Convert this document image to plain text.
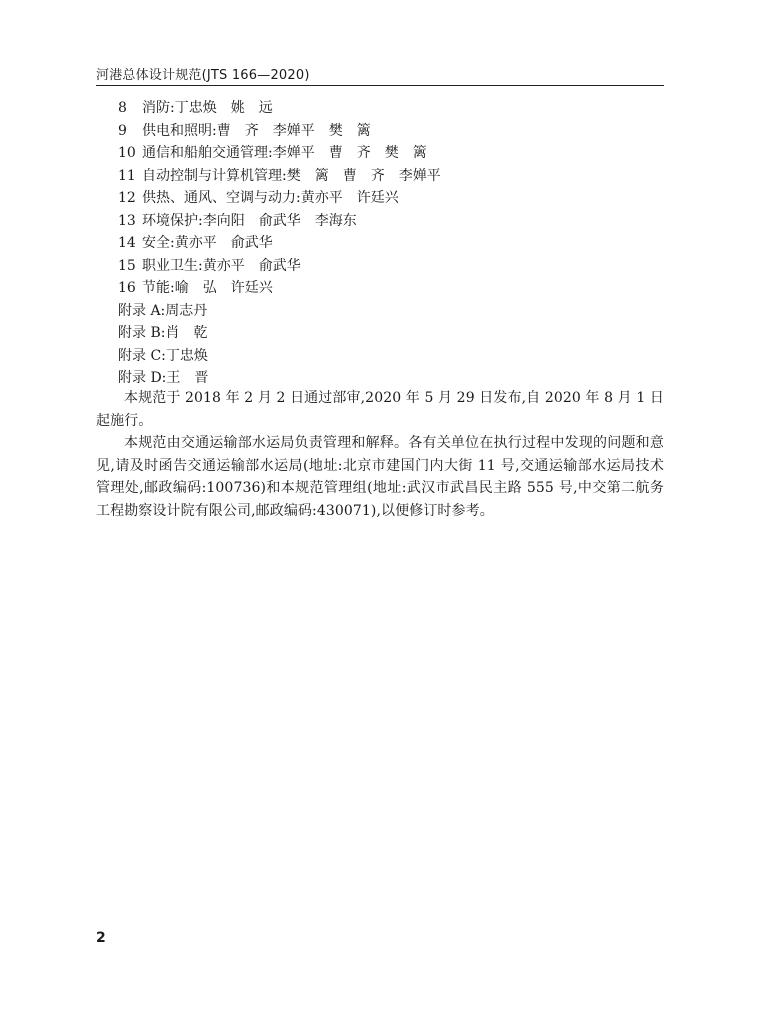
河港总体设计规范(JTS 166—2020)
8 消防:丁忠焕　姚　远
9 供电和照明:曹　齐　李婵平　樊　篱
10 通信和船舶交通管理:李婵平　曹　齐　樊　篱
11 自动控制与计算机管理:樊　篱　曹　齐　李婵平
12 供热、通风、空调与动力:黄亦平　许廷兴
13 环境保护:李向阳　俞武华　李海东
14 安全:黄亦平　俞武华
15 职业卫生:黄亦平　俞武华
16 节能:喻　弘　许廷兴
附录 A:周志丹
附录 B:肖　乾
附录 C:丁忠焕
附录 D:王　晋

本规范于 2018 年 2 月 2 日通过部审,2020 年 5 月 29 日发布,自 2020 年 8 月 1 日起施行。

本规范由交通运输部水运局负责管理和解释。各有关单位在执行过程中发现的问题和意见,请及时函告交通运输部水运局(地址:北京市建国门内大街 11 号,交通运输部水运局技术管理处,邮政编码:100736)和本规范管理组(地址:武汉市武昌民主路 555 号,中交第二航务工程勘察设计院有限公司,邮政编码:430071),以便修订时参考。

2
